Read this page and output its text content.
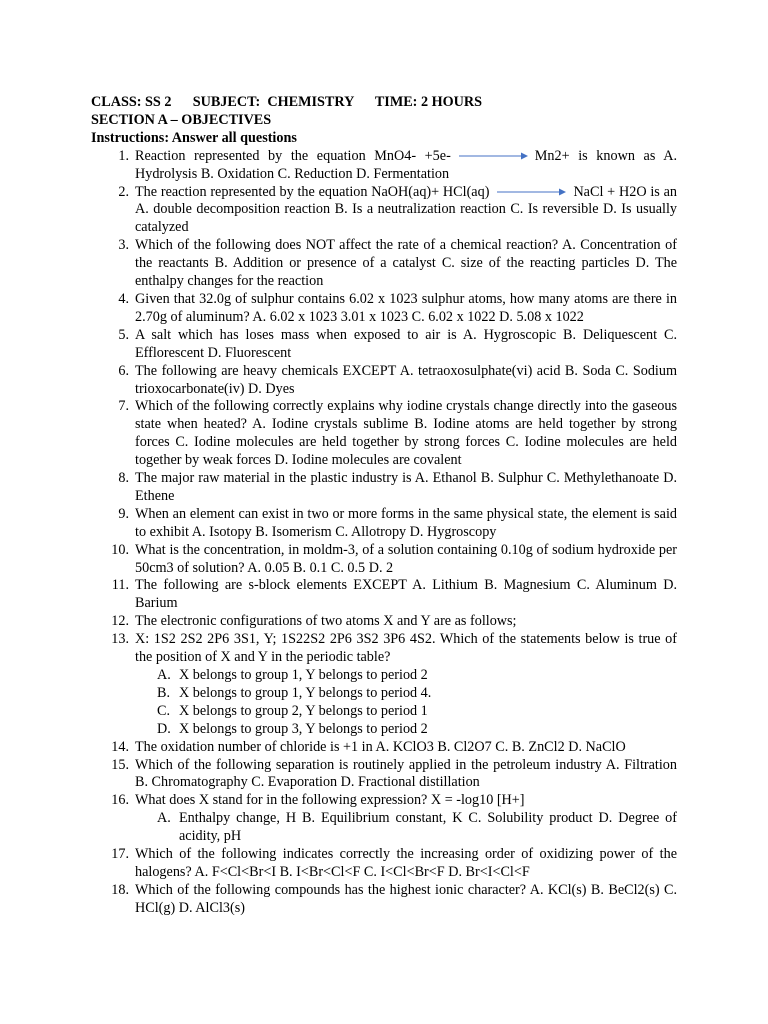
CLASS: SS 2      SUBJECT:  CHEMISTRY      TIME: 2 HOURS
SECTION A – OBJECTIVES
Instructions: Answer all questions
1. Reaction represented by the equation MnO4- +5e-	Mn2+ is known as A. Hydrolysis B. Oxidation C. Reduction D. Fermentation
2. The reaction represented by the equation NaOH(aq)+ HCl(aq)	NaCl + H2O is an A. double decomposition reaction B. Is a neutralization reaction C. Is reversible D. Is usually catalyzed
3. Which of the following does NOT affect the rate of a chemical reaction? A. Concentration of the reactants B. Addition or presence of a catalyst C. size of the reacting particles D. The enthalpy changes for the reaction
4. Given that 32.0g of sulphur contains 6.02 x 1023 sulphur atoms, how many atoms are there in 2.70g of aluminum? A. 6.02 x 1023 3.01 x 1023 C. 6.02 x 1022 D. 5.08 x 1022
5. A salt which has loses mass when exposed to air is A. Hygroscopic B. Deliquescent C. Efflorescent D. Fluorescent
6. The following are heavy chemicals EXCEPT A. tetraoxosulphate(vi) acid B. Soda C. Sodium trioxocarbonate(iv) D. Dyes
7. Which of the following correctly explains why iodine crystals change directly into the gaseous state when heated? A. Iodine crystals sublime B. Iodine atoms are held together by strong forces C. Iodine molecules are held together by strong forces C. Iodine molecules are held together by weak forces D. Iodine molecules are covalent
8. The major raw material in the plastic industry is A. Ethanol B. Sulphur C. Methylethanoate D. Ethene
9. When an element can exist in two or more forms in the same physical state, the element is said to exhibit A. Isotopy B. Isomerism C. Allotropy D. Hygroscopy
10. What is the concentration, in moldm-3, of a solution containing 0.10g of sodium hydroxide per 50cm3 of solution? A. 0.05 B. 0.1 C. 0.5 D. 2
11. The following are s-block elements EXCEPT A. Lithium B. Magnesium C. Aluminum D. Barium
12. The electronic configurations of two atoms X and Y are as follows;
13. X: 1S2 2S2 2P6 3S1, Y; 1S22S2 2P6 3S2 3P6 4S2. Which of the statements below is true of the position of X and Y in the periodic table?
A. X belongs to group 1, Y belongs to period 2
B. X belongs to group 1, Y belongs to period 4.
C. X belongs to group 2, Y belongs to period 1
D. X belongs to group 3, Y belongs to period 2
14. The oxidation number of chloride is +1 in A. KClO3 B. Cl2O7 C. B. ZnCl2 D. NaClO
15. Which of the following separation is routinely applied in the petroleum industry A. Filtration B. Chromatography C. Evaporation D. Fractional distillation
16. What does X stand for in the following expression? X = -log10 [H+]
A. Enthalpy change, H B. Equilibrium constant, K C. Solubility product D. Degree of acidity, pH
17. Which of the following indicates correctly the increasing order of oxidizing power of the halogens? A. F<Cl<Br<I B. I<Br<Cl<F C. I<Cl<Br<F D. Br<I<Cl<F
18. Which of the following compounds has the highest ionic character? A. KCl(s) B. BeCl2(s) C. HCl(g) D. AlCl3(s)
